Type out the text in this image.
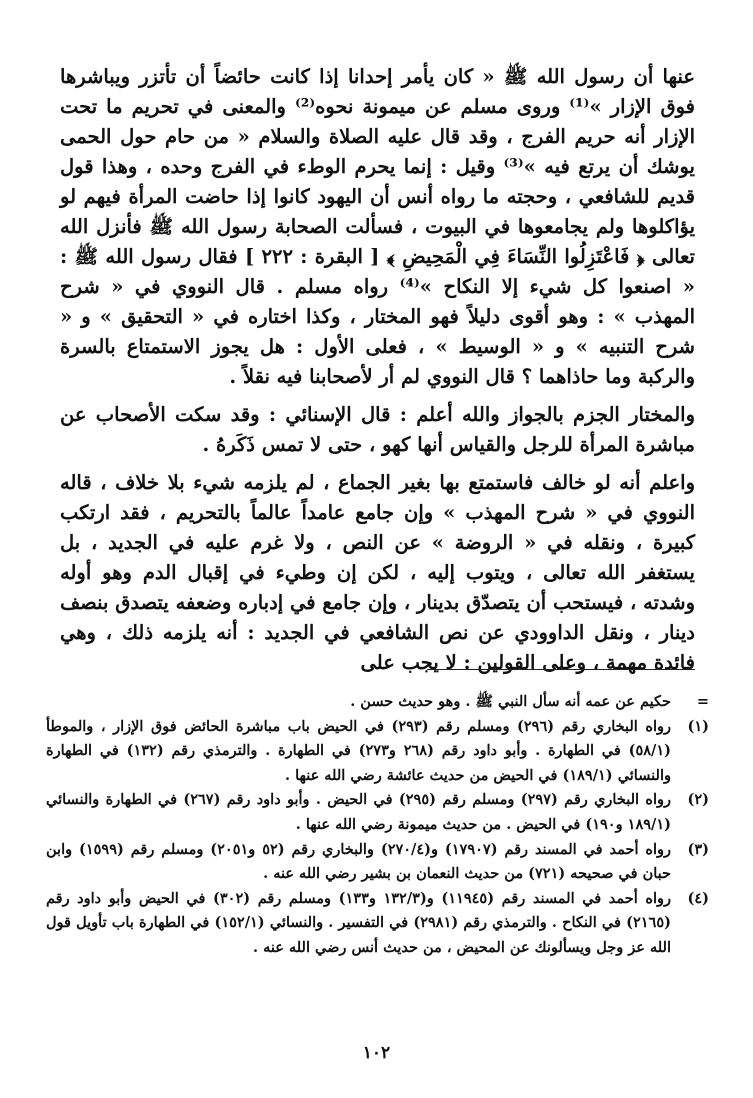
عنها أن رسول الله ﷺ « كان يأمر إحدانا إذا كانت حائضاً أن تأتزر ويباشرها فوق الإزار »⁽¹⁾ وروى مسلم عن ميمونة نحوه⁽²⁾ والمعنى في تحريم ما تحت الإزار أنه حريم الفرج ، وقد قال عليه الصلاة والسلام « من حام حول الحمى يوشك أن يرتع فيه »⁽³⁾ وقيل : إنما يحرم الوطء في الفرج وحده ، وهذا قول قديم للشافعي ، وحجته ما رواه أنس أن اليهود كانوا إذا حاضت المرأة فيهم لو يؤاكلوها ولم يجامعوها في البيوت ، فسألت الصحابة رسول الله ﷺ فأنزل الله تعالى ﴿ فَاعْتَزِلُوا النِّسَاءَ فِي الْمَحِيضِ ﴾ [ البقرة : ٢٢٢ ] فقال رسول الله ﷺ : « اصنعوا كل شيء إلا النكاح »⁽⁴⁾ رواه مسلم . قال النووي في « شرح المهذب » : وهو أقوى دليلاً فهو المختار ، وكذا اختاره في « التحقيق » و « شرح التنبيه » و « الوسيط » ، فعلى الأول : هل يجوز الاستمتاع بالسرة والركبة وما حاذاهما ؟ قال النووي لم أر لأصحابنا فيه نقلاً .

والمختار الجزم بالجواز والله أعلم : قال الإسنائي : وقد سكت الأصحاب عن مباشرة المرأة للرجل والقياس أنها كهو ، حتى لا تمس ذَكَرهُ .

واعلم أنه لو خالف فاستمتع بها بغير الجماع ، لم يلزمه شيء بلا خلاف ، قاله النووي في « شرح المهذب » وإن جامع عامداً عالماً بالتحريم ، فقد ارتكب كبيرة ، ونقله في « الروضة » عن النص ، ولا غرم عليه في الجديد ، بل يستغفر الله تعالى ، ويتوب إليه ، لكن إن وطيء في إقبال الدم وهو أوله وشدته ، فيستحب أن يتصدّق بدينار ، وإن جامع في إدباره وضعفه يتصدق بنصف دينار ، ونقل الداوودي عن نص الشافعي في الجديد : أنه يلزمه ذلك ، وهي فائدة مهمة ، وعلى القولين : لا يجب على

=
حكيم عن عمه أنه سأل النبي ﷺ . وهو حديث حسن .
(١)
رواه البخاري رقم (٢٩٦) ومسلم رقم (٢٩٣) في الحيض باب مباشرة الحائض فوق الإزار ، والموطأ (٥٨/١) في الطهارة . وأبو داود رقم (٢٦٨ و٢٧٣) في الطهارة . والترمذي رقم (١٣٢) في الطهارة والنسائي (١٨٩/١) في الحيض من حديث عائشة رضي الله عنها .
(٢)
رواه البخاري رقم (٢٩٧) ومسلم رقم (٢٩٥) في الحيض . وأبو داود رقم (٢٦٧) في الطهارة والنسائي (١٨٩/١ و١٩٠) في الحيض . من حديث ميمونة رضي الله عنها .
(٣)
رواه أحمد في المسند رقم (١٧٩٠٧) و(٢٧٠/٤) والبخاري رقم (٥٢ و٢٠٥١) ومسلم رقم (١٥٩٩) وابن حبان في صحيحه (٧٢١) من حديث النعمان بن بشير رضي الله عنه .
(٤)
رواه أحمد في المسند رقم (١١٩٤٥) و(١٣٢/٣ و١٣٣) ومسلم رقم (٣٠٢) في الحيض وأبو داود رقم (٢١٦٥) في النكاح . والترمذي رقم (٢٩٨١) في التفسير . والنسائي (١٥٢/١) في الطهارة باب تأويل قول الله عز وجل ويسألونك عن المحيض ، من حديث أنس رضي الله عنه .
١٠٢
